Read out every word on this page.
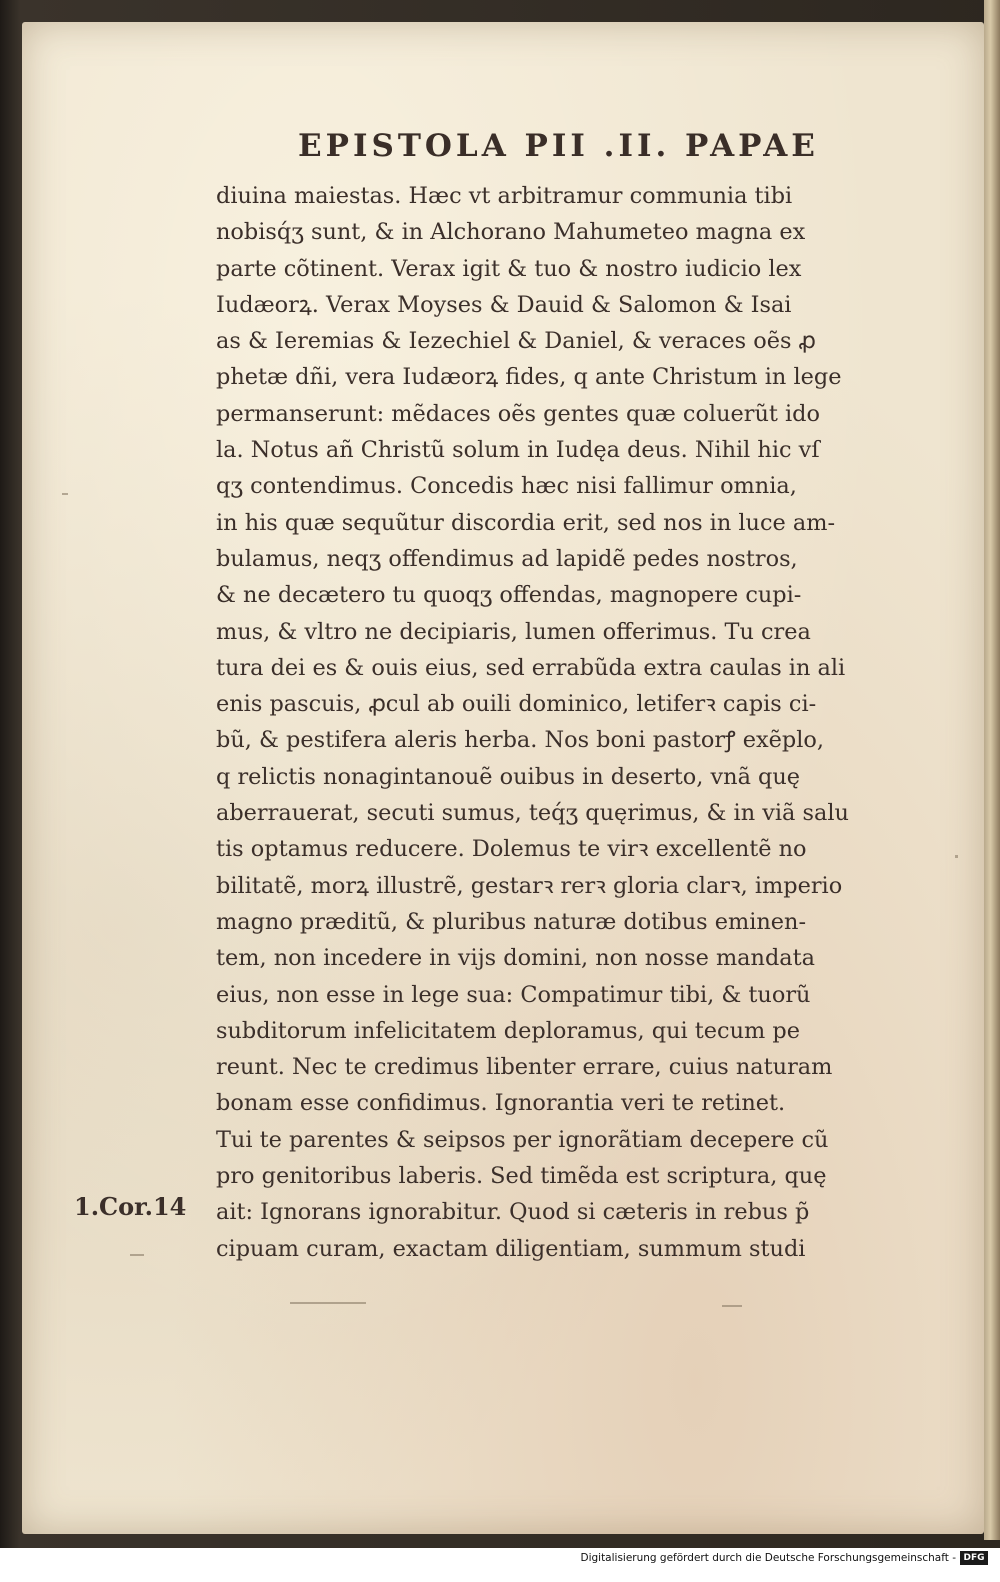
EPISTOLA PII .II. PAPAE
diuina maiestas. Hæc vt arbitramur communia tibi
nobisq́ʒ sunt, & in Alchorano Mahumeteo magna ex
parte cõtinent. Verax igit & tuo & nostro iudicio lex
Iudæorꝝ. Verax Moyses & Dauid & Salomon & Isai
as & Ieremias & Iezechiel & Daniel, & veraces oẽs ꝓ
phetæ dñi, vera Iudæorꝝ fides, q ante Christum in lege
permanserunt: mẽdaces oẽs gentes quæ coluerũt ido
la. Notus añ Christũ solum in Iudęa deus. Nihil hic vſ
qʒ contendimus. Concedis hæc nisi fallimur omnia,
in his quæ sequũtur discordia erit, sed nos in luce am-
bulamus, neqʒ offendimus ad lapidẽ pedes nostros,
& ne decætero tu quoqʒ offendas, magnopere cupi-
mus, & vltro ne decipiaris, lumen offerimus. Tu crea
tura dei es & ouis eius, sed errabũda extra caulas in ali
enis pascuis, ꝓcul ab ouili dominico, letiferꝛ capis ci-
bũ, & pestifera aleris herba. Nos boni pastorꝭ exẽplo,
q relictis nonagintanouẽ ouibus in deserto, vnã quę
aberrauerat, secuti sumus, teq́ʒ quęrimus, & in viã salu
tis optamus reducere. Dolemus te virꝛ excellentẽ no
bilitatẽ, morꝝ illustrẽ, gestarꝛ rerꝛ gloria clarꝛ, imperio
magno præditũ, & pluribus naturæ dotibus eminen-
tem, non incedere in vijs domini, non nosse mandata
eius, non esse in lege sua: Compatimur tibi, & tuorũ
subditorum infelicitatem deploramus, qui tecum pe
reunt. Nec te credimus libenter errare, cuius naturam
bonam esse confidimus. Ignorantia veri te retinet.
Tui te parentes & seipsos per ignorãtiam decepere cũ
pro genitoribus laberis. Sed timẽda est scriptura, quę
ait: Ignorans ignorabitur. Quod si cæteris in rebus p̃
cipuam curam, exactam diligentiam, summum studi
1.Cor.14
Digitalisierung gefördert durch die Deutsche Forschungsgemeinschaft - DFG
